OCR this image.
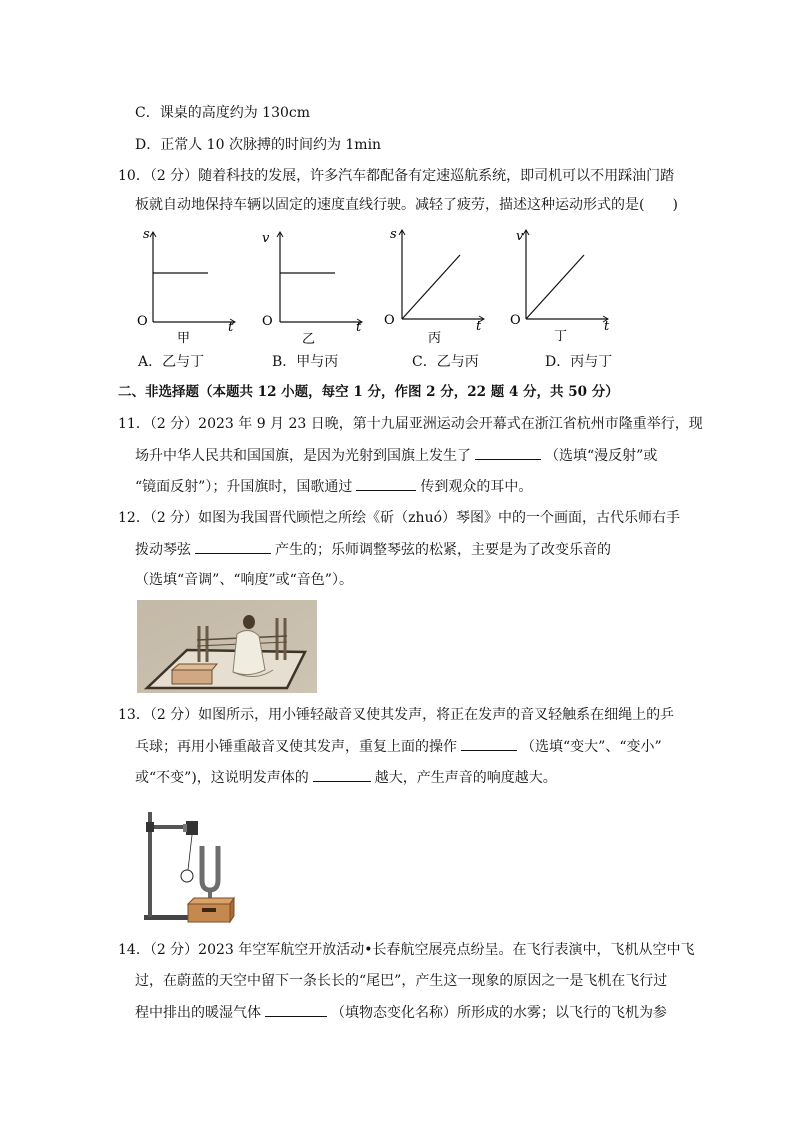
C．课桌的高度约为 130cm
D．正常人 10 次脉搏的时间约为 1min
10．（2 分）随着科技的发展，许多汽车都配备有定速巡航系统，即司机可以不用踩油门踏
板就自动地保持车辆以固定的速度直线行驶。减轻了疲劳，描述这种运动形式的是(　　)
s
O	t
甲
v
O	t
乙
s
O	t
丙
v
O	t
丁
A．乙与丁	B．甲与丙	C．乙与丙	D．丙与丁
二、非选择题（本题共 12 小题，每空 1 分，作图 2 分，22 题 4 分，共 50 分）
11．（2 分）2023 年 9 月 23 日晚，第十九届亚洲运动会开幕式在浙江省杭州市隆重举行，现
场升中华人民共和国国旗，是因为光射到国旗上发生了	（选填“漫反射”或
“镜面反射”）；升国旗时，国歌通过	传到观众的耳中。
12．（2 分）如图为我国晋代顾恺之所绘《斫（zhuó）琴图》中的一个画面，古代乐师右手
拨动琴弦	产生的；乐师调整琴弦的松紧，主要是为了改变乐音的
（选填“音调”、“响度”或“音色”）。
13．（2 分）如图所示，用小锤轻敲音叉使其发声，将正在发声的音叉轻触系在细绳上的乒
乓球；再用小锤重敲音叉使其发声，重复上面的操作	（选填“变大”、“变小”
或“不变”)，这说明发声体的	越大，产生声音的响度越大。
14．（2 分）2023 年空军航空开放活动•长春航空展亮点纷呈。在飞行表演中，飞机从空中飞
过，在蔚蓝的天空中留下一条长长的“尾巴”，产生这一现象的原因之一是飞机在飞行过
程中排出的暖湿气体	（填物态变化名称）所形成的水雾；以飞行的飞机为参
